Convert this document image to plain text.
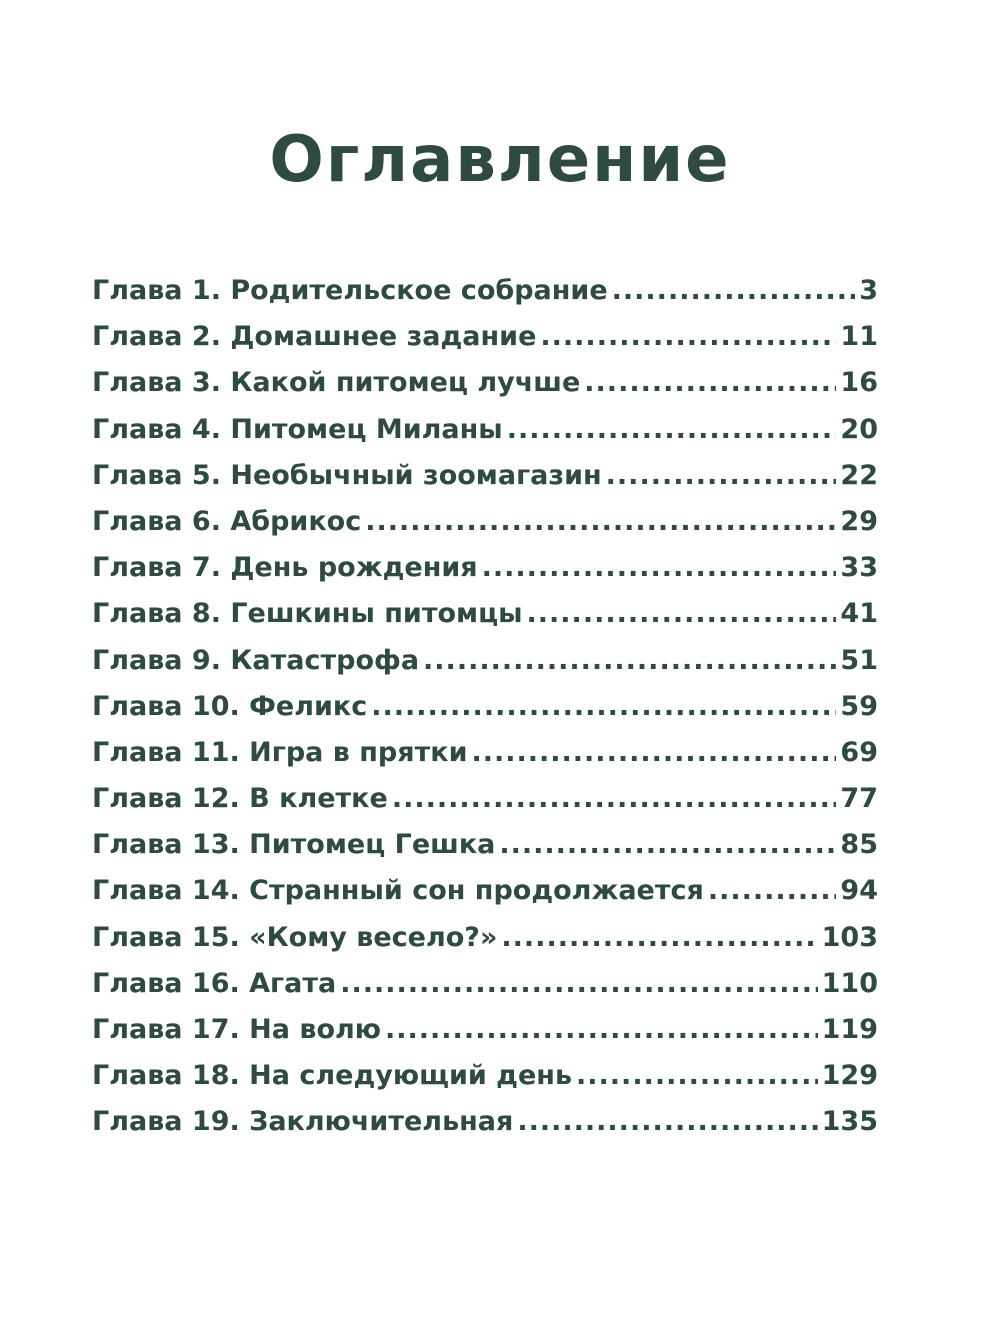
Оглавление
Глава 1. Родительское собрание .....	3
Глава 2. Домашнее задание .....	11
Глава 3. Какой питомец лучше .....	16
Глава 4. Питомец Миланы .....	20
Глава 5. Необычный зоомагазин .....	22
Глава 6. Абрикос .....	29
Глава 7. День рождения .....	33
Глава 8. Гешкины питомцы .....	41
Глава 9. Катастрофа .....	51
Глава 10. Феликс .....	59
Глава 11. Игра в прятки .....	69
Глава 12. В клетке .....	77
Глава 13. Питомец Гешка .....	85
Глава 14. Странный сон продолжается .....	94
Глава 15. «Кому весело?» .....	103
Глава 16. Агата .....	110
Глава 17. На волю .....	119
Глава 18. На следующий день .....	129
Глава 19. Заключительная .....	135
